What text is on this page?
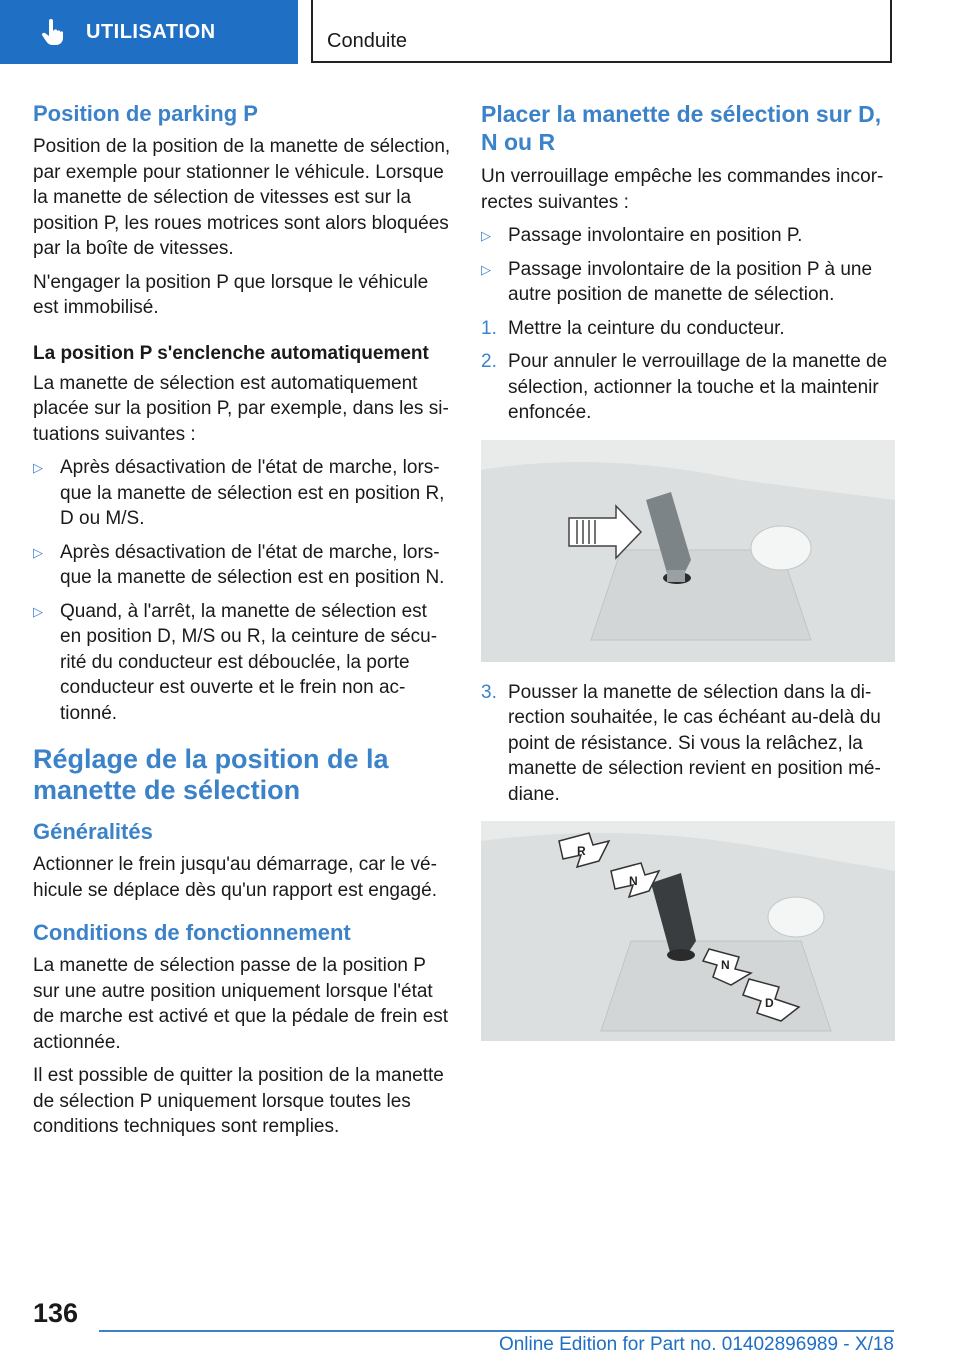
UTILISATION	Conduite
Position de parking P

Position de la position de la manette de sélection, par exemple pour stationner le véhicule. Lorsque la manette de sélection de vitesses est sur la position P, les roues motrices sont alors bloquées par la boîte de vitesses.

N'engager la position P que lorsque le véhicule est immobilisé.

La position P s'enclenche automatiquement

La manette de sélection est automatiquement placée sur la position P, par exemple, dans les situations suivantes :

▷ Après désactivation de l'état de marche, lorsque la manette de sélection est en position R, D ou M/S.
▷ Après désactivation de l'état de marche, lorsque la manette de sélection est en position N.
▷ Quand, à l'arrêt, la manette de sélection est en position D, M/S ou R, la ceinture de sécurité du conducteur est débouclée, la porte conducteur est ouverte et le frein non actionné.
Réglage de la position de la manette de sélection
Généralités

Actionner le frein jusqu'au démarrage, car le véhicule se déplace dès qu'un rapport est engagé.

Conditions de fonctionnement

La manette de sélection passe de la position P sur une autre position uniquement lorsque l'état de marche est activé et que la pédale de frein est actionnée.

Il est possible de quitter la position de la manette de sélection P uniquement lorsque toutes les conditions techniques sont remplies.

Placer la manette de sélection sur D, N ou R

Un verrouillage empêche les commandes incorrectes suivantes :

▷ Passage involontaire en position P.
▷ Passage involontaire de la position P à une autre position de manette de sélection.
1. Mettre la ceinture du conducteur.
2. Pour annuler le verrouillage de la manette de sélection, actionner la touche et la maintenir enfoncée.
3. Pousser la manette de sélection dans la direction souhaitée, le cas échéant au-delà du point de résistance. Si vous la relâchez, la manette de sélection revient en position médiane.
R
N
N
D
136
Online Edition for Part no. 01402896989 - X/18
